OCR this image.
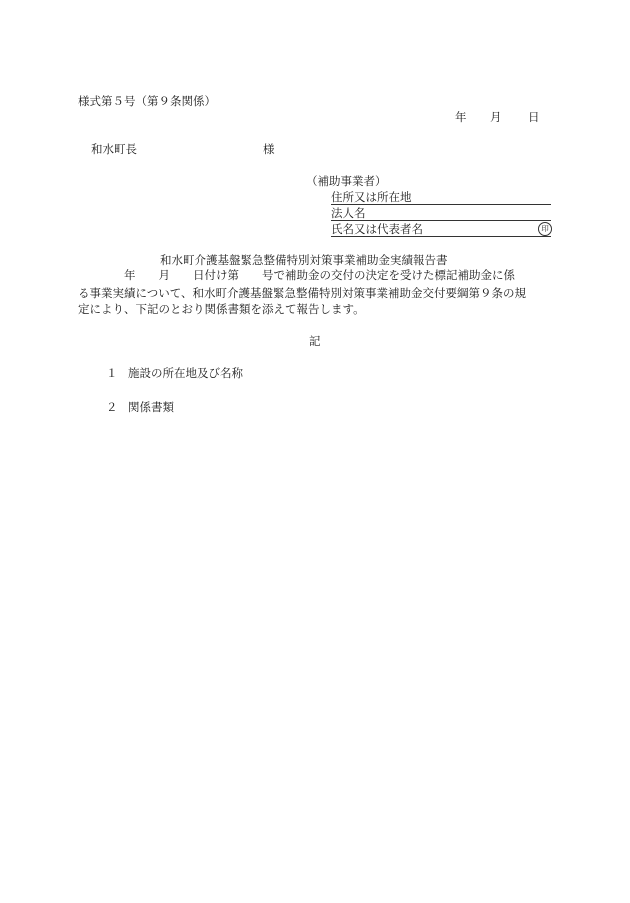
様式第５号（第９条関係）
年 月 日
和水町長	様
（補助事業者）
住所又は所在地
法人名
氏名又は代表者名	印
和水町介護基盤緊急整備特別対策事業補助金実績報告書
　　　　年　　月　　日付け第　　号で補助金の交付の決定を受けた標記補助金に係
る事業実績について、和水町介護基盤緊急整備特別対策事業補助金交付要綱第９条の規
定により、下記のとおり関係書類を添えて報告します。
記
１ 施設の所在地及び名称
２ 関係書類
